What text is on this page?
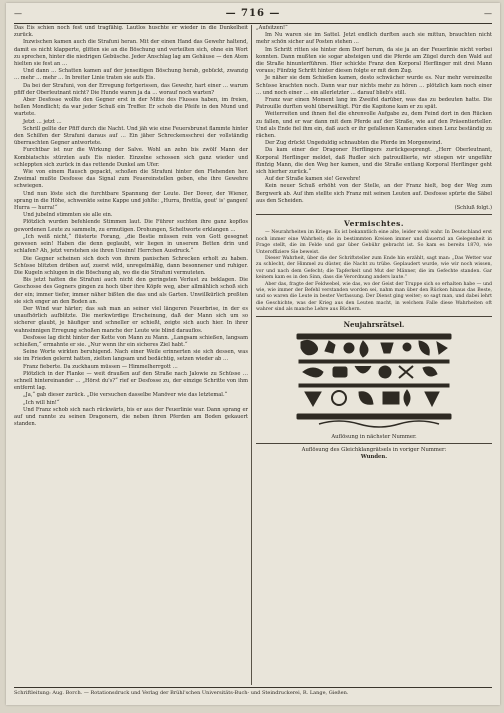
—	— 716 —	—

Das Eis schien noch fest und tragfähig. Lautlos huschte er wieder in die Dunkelheit zurück.

Inzwischen kamen auch die Strafuni heran. Mit der einen Hand das Gewehr haltend, damit es nicht klapperte, glitten sie an die Böschung und verteilten sich, ohne ein Wort zu sprechen, hinter die niedrigen Gebüsche. Jeder Anschlag lag am Gehäuse — den Atem hielten sie fest an …

Und dann … Schatten kamen auf der jenseitigen Böschung herab, gebückt, zwanzig … mehr … mehr … In breiter Linie traten sie aufs Eis.

Da bei der Strafuni, von der Erregung fortgerissen, das Gewehr, hart einer … warum pfiff der Oberleutnant nicht? Die Hunde waren ja da … worauf noch warten?

Aber Desfosse wollte den Gegner erst in der Mitte des Flusses haben, im freien, hellen Mondlicht; da war jeder Schuß ein Treffer. Er schob die Pfeife in den Mund und wartete.

Jetzt … jetzt …

Schrill gellte der Pfiff durch die Nacht. Und jäh wie eine Feuersbrunst flammte hinter den Schilfen der Strafuni daraus auf … Ein jäher Schreckensschrei der vollständig überraschten Gegner antwortete.

Furchtbar ist nur die Wirkung der Salve. Wohl an zehn bis zwölf Mann der Kombiatschis stürzten aufs Eis nieder. Einzelne schossen sich ganz wieder und schleppten sich zurück in das rettende Dunkel am Ufer.

Wie von einem Rausch gepackt, schoßen die Strafuni hinter den Flehenden her. Zweimal mußte Desfosse das Signal zum Feuereinstellen geben, ehe ihre Gewehre schwiegen.

Und nun löste sich die furchtbare Spannung der Leute. Der Dover, der Wiener, sprang in die Höhe, schwenkte seine Kappe und johlte: „Hurra, Brettla, gout' is' gangen! Hurra — hurra!“

Und jubelnd stimmten sie alle ein.

Plötzlich wurden befehlende Stimmen laut. Die Führer suchten ihre ganz kopflos gewordenen Leute zu sammeln, zu ermutigen. Drohungen, Scheltworte erklangen …

„Ich weiß nicht,“ flüsterte Forang, „die Bestie müssen rein von Gott gesegnet gewesen sein! Haben die denn geglaubt, wir liegen in unserem Betten drin und schlafen? Ah, jetzt verstehen sie ihren Unsinn! Herrchen Ausdruck.“

Die Gegner scheinen sich doch von ihrem panischen Schrecken erholt zu haben. Schüsse blitzten drüben auf, zuerst wild, unregelmäßig, dann besonnener und ruhiger. Die Kugeln schlugen in die Böschung ab, wo die die Strafuni vermuteten.

Bis jetzt hatten die Strafuni auch nicht den geringsten Verlust zu beklagen. Die Geschosse des Gegners gingen zu hoch über ihre Köpfe weg, aber allmählich schoß sich der ein; immer tiefer, immer näher bißten die das und als Garten. Unwillkürlich preßten sie sich enger an den Boden an.

Der Wind war härter; das sah man an seiner viel längeren Feuerbrise, in der es unaufhörlich aufblitzte. Die merkwürdige Erscheinung, daß der Mann sich um so sicherer glaubt, je häufiger und schneller er schießt, zeigte sich auch hier. In ihrer wahnsinnigen Erregung schoßen manche der Leute wie blind darauflos.

Desfosse lag dicht hinter der Kette von Mann zu Mann. „Langsam schießen, langsam schießen,“ ermahnte er sie. „Nur wenn ihr ein sicheres Ziel habt.“

Seine Worte wirkten beruhigend. Nach einer Weile erinnerten sie sich dessen, was sie im Frieden gelernt hatten, zielten langsam und bedächtig, setzen wieder ab …

Franz fieberte. Da zuckhaum müssen — Himmelherrgott …

Plötzlich in der Flanke — weit draußen auf den Straße nach Jalowie zu Schüsse … schnell hintereinander … „Hörst du's?“ rief er Desfosse zu, der einzige Schritte von ihm entfernt lag.

„Ja,“ gab dieser zurück. „Die versuchen dasselbe Manöver wie das letztemal.“

„Ich will hin!“

Und Franz schob sich nach rückwärts, bis er aus der Feuerlinie war. Dann sprang er auf und rannte zu seinen Dragonern, die neben ihren Pferden am Boden gekauert standen.

„Aufsitzen!“

Im Nu waren sie im Sattel. Jetzt endlich durften auch sie mittun, brauchten nicht mehr schön sicher auf Posten stehen …

Im Schritt ritten sie hinter dem Dorf herum, da sie ja an der Feuerlinie nicht vorbei konnten. Dann mußten sie sogar absteigen und die Pferde am Zügel durch den Wald auf die Straße hinunterführen. Hier schickte Franz den Korporal Herflinger mit drei Mann voraus; Fünfzig Schritt hinter diesen folgte er mit dem Zug.

Je näher sie dem Schießen kamen, desto schwächer wurde es. Nur mehr vereinzelte Schüsse krachten noch. Dann war nur nichts mehr zu hören … plötzlich kam noch einer … und noch einer … ein allerletzter … darauf blieb's still.

Franz war einen Moment lang im Zweifel darüber, was das zu bedeuten hatte. Die Patrouille durften wohl überwältigt. Für die Kapitone kam er zu spät.

Weiterreiten und ihnen fiel die ehrenvolle Aufgabe zu, dem Feind dort in den Rücken zu fallen, und er war dann mit dem Pferde auf der Straße, wie auf den Präsentierteller. Und als Ende fiel ihm ein, daß auch er ihr gefallenen Kameraden einen Lenz beständig zu rächen.

Der Zug drückt Ungeduldig schnaubten die Pferde im Morgenwind.

Da kam einer der Dragoner Herflingers zurückgesprengt. „Herr Oberleutnant, Korporal Herflinger meldet, daß Rudler sich patrouillierte, wir stiegen wir ungefähr fünfzig Mann, die den Weg her kamen, und die Straße entlang Korporal Herflinger geht sich hierher zurück.“

Auf der Straße kamen sie! Gewehre!

Kein neuer Schuß erhöht von der Stelle, an der Franz hielt, bog der Weg zum Bergwerk ab. Auf ihm stellte sich Franz mit seinen Leuten auf. Desfosse spürte die Säbel aus den Scheiden.

(Schluß folgt.)

Vermischtes.

— Neurahrheiten im Kriege. Es ist bekanntlich eine alte, leider wohl wahr. In Deutschland erst noch immer eine Wahrheit; die in bestimmten Kreisen immer und dauernd an Gelegenheit in Frage stellt, die im Felde und gar über Gebühr gebracht ist. So kam es bereits 1870, wie Unteroffiziere Sie beweist.

Dieser Wahrheit, über die der Schriftsteller zum Ende hin erzählt, sagt man: „Das Wetter war zu schlecht, der Himmel zu düster, die Nacht zu trübe. Geplaudert wurde, wie wir noch wissen, vor und nach dem Gefecht; die Tapferkeit und Mut der Männer, die im Gefechte standen. Gar keinem kam es in den Sinn, dass die Verordnung anders laute.“

Aber das, fragte der Feldwebel, wie das, wo der Geist der Truppe sich so erhalten habe — und wie, wie immer der Befehl verstanden worden sei, nahm man über den Rücken hinaus das Beste, und so waren die Leute in bester Verfassung. Der Dienst ging weiter; so sagt man, und dabei lehrt die Geschichte, was der Krieg aus den Leuten macht, in welchem Falle diese Wahrheiten oft wahrer sind als manche Lehre aus Büchern.

Neujahrsrätsel.
Auflösung in nächster Nummer.
Auflösung des Gleichklangrätsels in voriger Nummer:
Wunden.
Schriftleitung: Aug. Borch. — Rotationsdruck und Verlag der Brühl'schen Universitäts-Buch- und Steindruckerei, R. Lange, Gießen.
